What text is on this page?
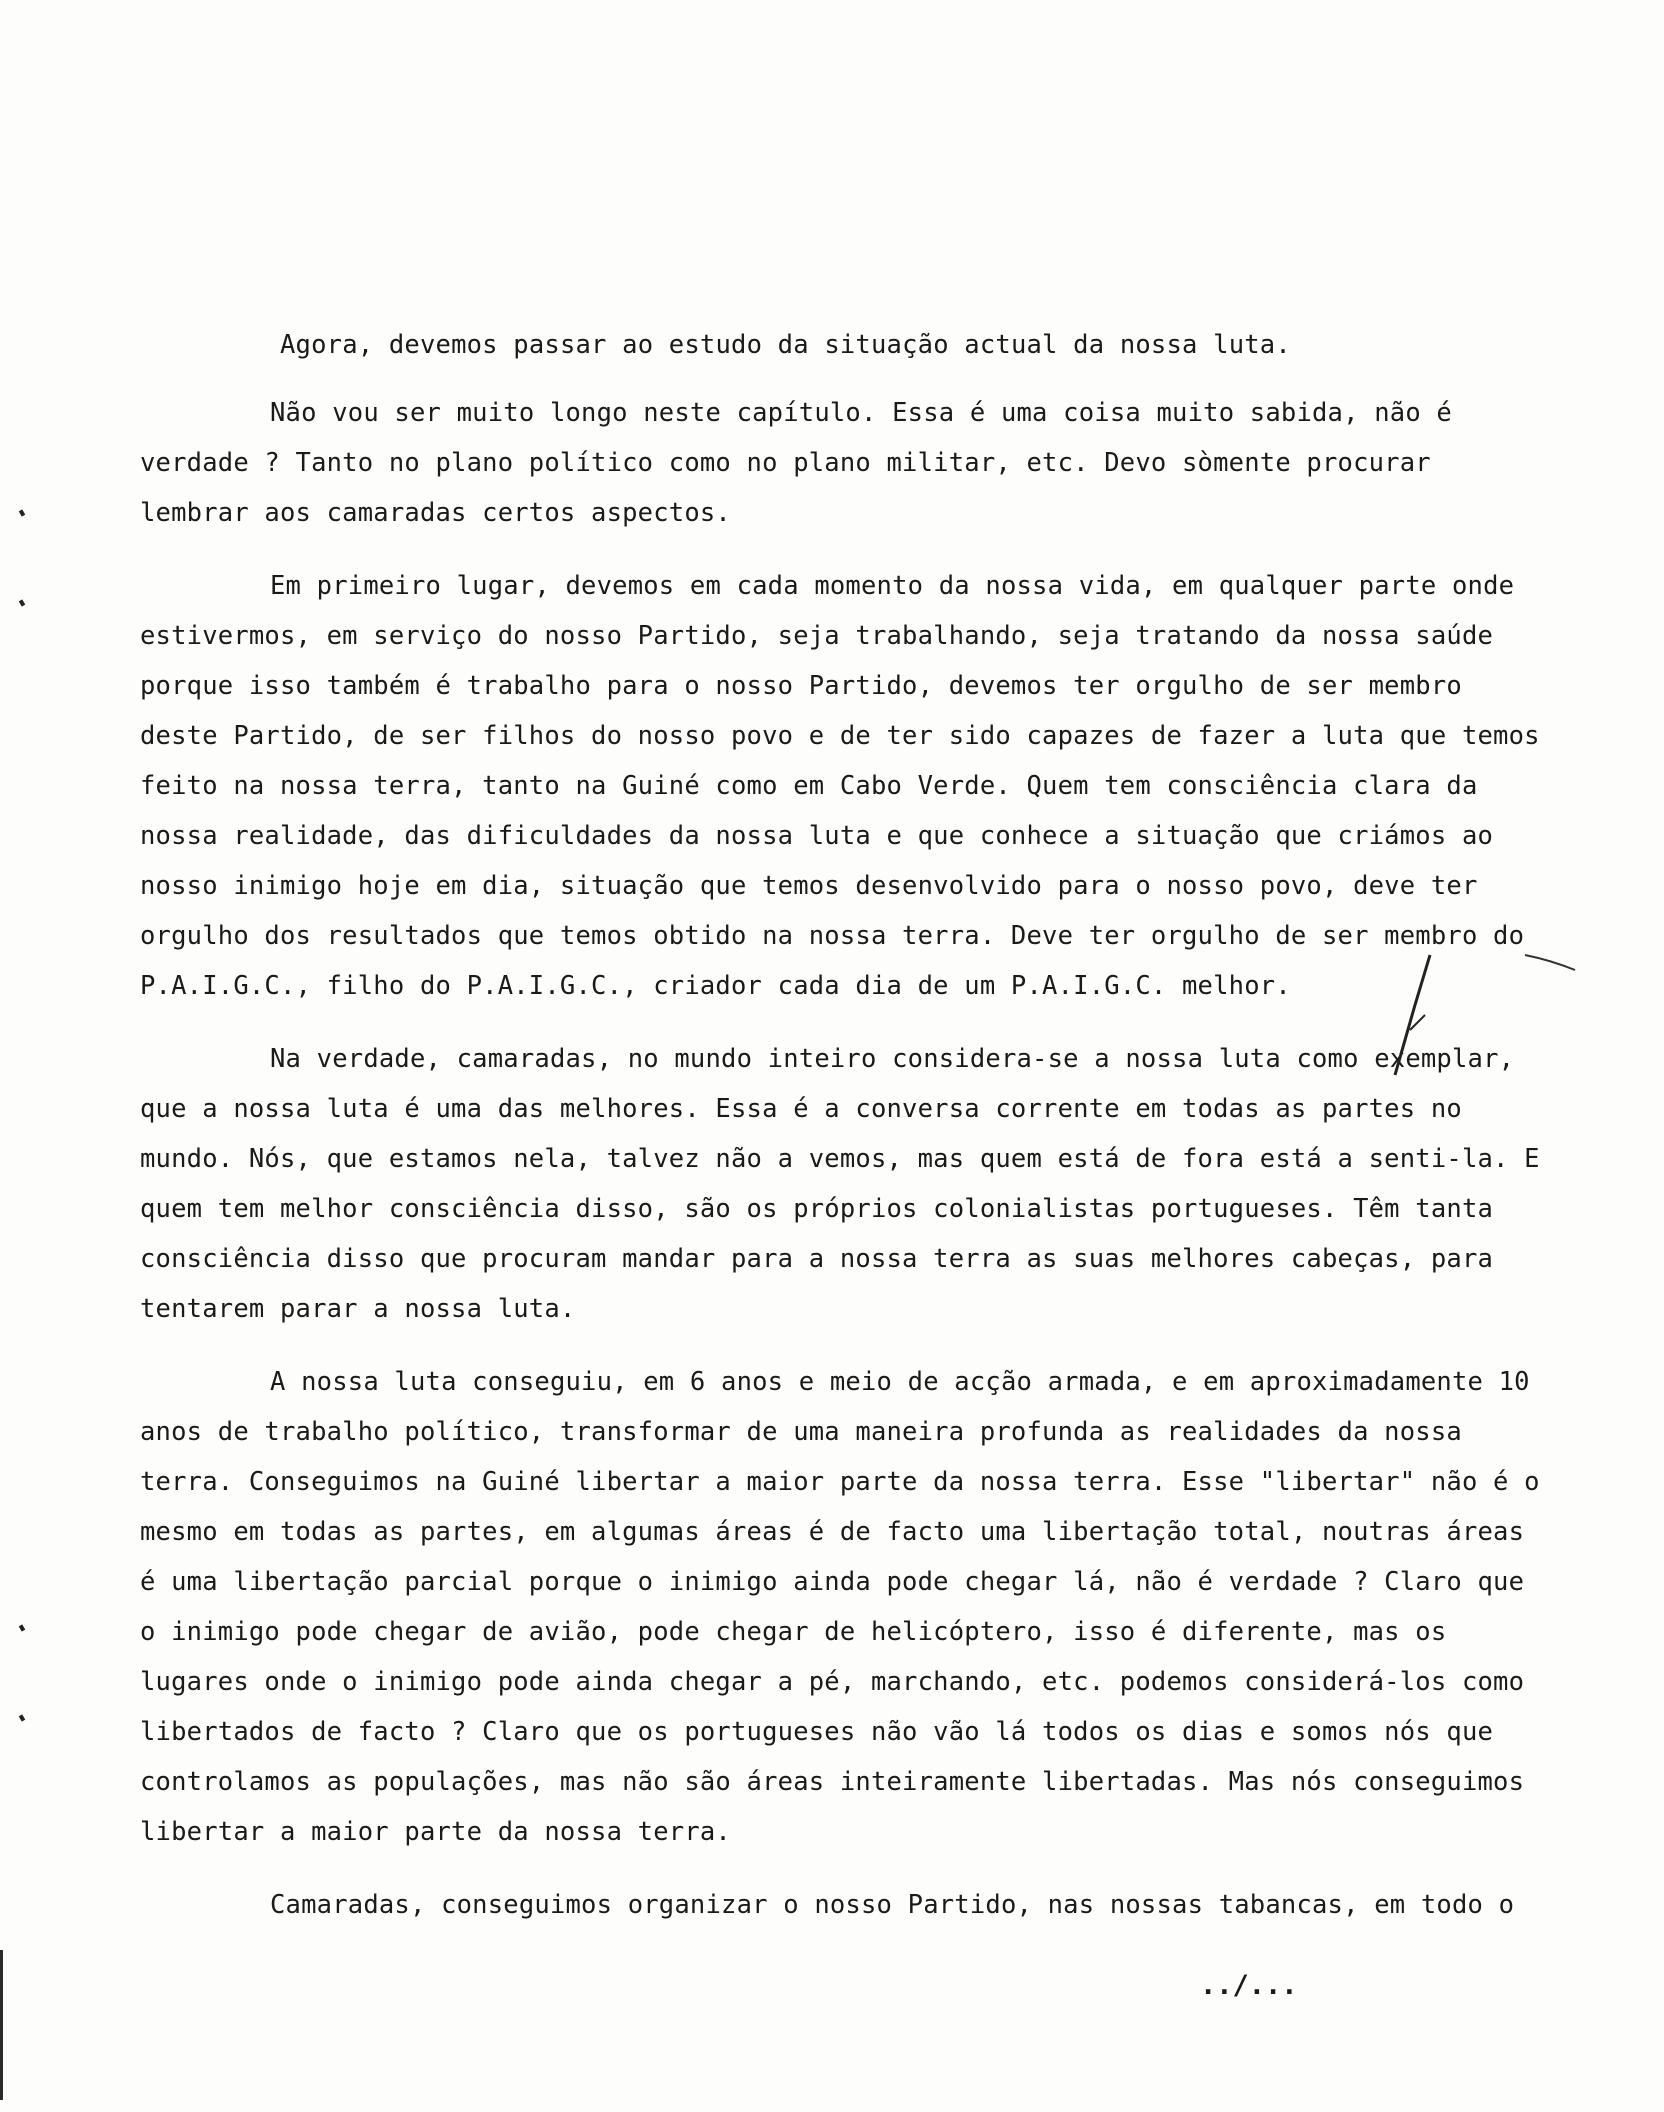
Agora, devemos passar ao estudo da situação actual da nossa luta.

Não vou ser muito longo neste capítulo. Essa é uma coisa muito sabida, não é verdade ? Tanto no plano político como no plano militar, etc. Devo sòmente procurar lembrar aos camaradas certos aspectos.

Em primeiro lugar, devemos em cada momento da nossa vida, em qualquer parte onde estivermos, em serviço do nosso Partido, seja trabalhando, seja tratando da nossa saúde porque isso também é trabalho para o nosso Partido, devemos ter orgulho de ser membro deste Partido, de ser filhos do nosso povo e de ter sido capazes de fazer a luta que temos feito na nossa terra, tanto na Guiné como em Cabo Verde. Quem tem consciência clara da nossa realidade, das dificuldades da nossa luta e que conhece a situação que criámos ao nosso inimigo hoje em dia, situação que temos desenvolvido para o nosso povo, deve ter orgulho dos resultados que temos obtido na nossa terra. Deve ter orgulho de ser membro do P.A.I.G.C., filho do P.A.I.G.C., criador cada dia de um P.A.I.G.C. melhor.

Na verdade, camaradas, no mundo inteiro considera-se a nossa luta como exemplar, que a nossa luta é uma das melhores. Essa é a conversa corrente em todas as partes no mundo. Nós, que estamos nela, talvez não a vemos, mas quem está de fora está a senti-la. E quem tem melhor consciência disso, são os próprios colonialistas portugueses. Têm tanta consciência disso que procuram mandar para a nossa terra as suas melhores cabeças, para tentarem parar a nossa luta.

A nossa luta conseguiu, em 6 anos e meio de acção armada, e em aproximadamente 10 anos de trabalho político, transformar de uma maneira profunda as realidades da nossa terra. Conseguimos na Guiné libertar a maior parte da nossa terra. Esse "libertar" não é o mesmo em todas as partes, em algumas áreas é de facto uma libertação total, noutras áreas é uma libertação parcial porque o inimigo ainda pode chegar lá, não é verdade ? Claro que o inimigo pode chegar de avião, pode chegar de helicóptero, isso é diferente, mas os lugares onde o inimigo pode ainda chegar a pé, marchando, etc. podemos considerá-los como libertados de facto ? Claro que os portugueses não vão lá todos os dias e somos nós que controlamos as populações, mas não são áreas inteiramente libertadas. Mas nós conseguimos libertar a maior parte da nossa terra.

Camaradas, conseguimos organizar o nosso Partido, nas nossas tabancas, em todo o

../...
